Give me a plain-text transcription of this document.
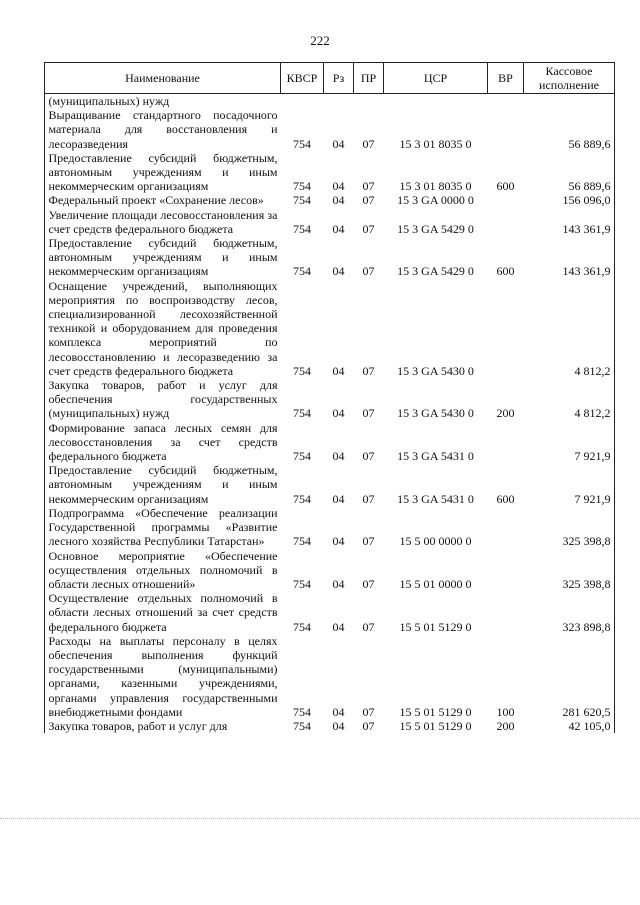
222
Наименование	КВСР	Рз	ПР	ЦСР	ВР	Кассовое исполнение
(муниципальных) нужд						
Выращивание стандартного посадочного материала для восстановления и лесоразведения	754	04	07	15 3 01 8035 0		56 889,6
Предоставление субсидий бюджетным, автономным учреждениям и иным некоммерческим организациям	754	04	07	15 3 01 8035 0	600	56 889,6
Федеральный проект «Сохранение лесов»	754	04	07	15 3 GA 0000 0		156 096,0
Увеличение площади лесовосстановления за счет средств федерального бюджета	754	04	07	15 3 GA 5429 0		143 361,9
Предоставление субсидий бюджетным, автономным учреждениям и иным некоммерческим организациям	754	04	07	15 3 GA 5429 0	600	143 361,9
Оснащение учреждений, выполняющих мероприятия по воспроизводству лесов, специализированной лесохозяйственной техникой и оборудованием для проведения комплекса мероприятий по лесовосстановлению и лесоразведению за счет средств федерального бюджета	754	04	07	15 3 GA 5430 0		4 812,2
Закупка товаров, работ и услуг для обеспечения государственных (муниципальных) нужд	754	04	07	15 3 GA 5430 0	200	4 812,2
Формирование запаса лесных семян для лесовосстановления за счет средств федерального бюджета	754	04	07	15 3 GA 5431 0		7 921,9
Предоставление субсидий бюджетным, автономным учреждениям и иным некоммерческим организациям	754	04	07	15 3 GA 5431 0	600	7 921,9
Подпрограмма «Обеспечение реализации Государственной программы «Развитие лесного хозяйства Республики Татарстан»	754	04	07	15 5 00 0000 0		325 398,8
Основное мероприятие «Обеспечение осуществления отдельных полномочий в области лесных отношений»	754	04	07	15 5 01 0000 0		325 398,8
Осуществление отдельных полномочий в области лесных отношений за счет средств федерального бюджета	754	04	07	15 5 01 5129 0		323 898,8
Расходы на выплаты персоналу в целях обеспечения выполнения функций государственными (муниципальными) органами, казенными учреждениями, органами управления государственными внебюджетными фондами	754	04	07	15 5 01 5129 0	100	281 620,5
Закупка товаров, работ и услуг для	754	04	07	15 5 01 5129 0	200	42 105,0
